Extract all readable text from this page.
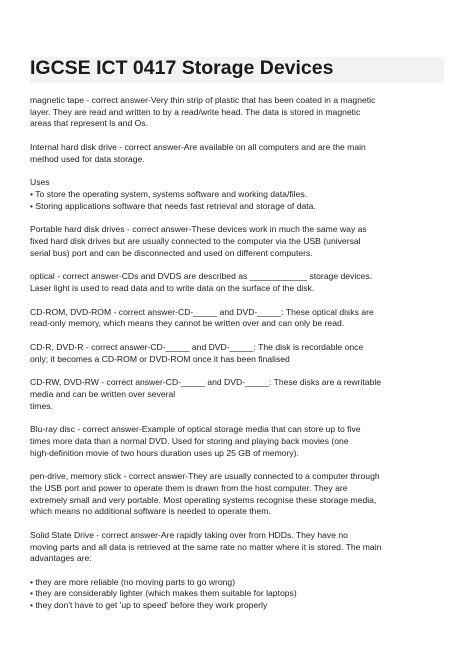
IGCSE ICT 0417 Storage Devices

magnetic tape - correct answer-Very thin strip of plastic that has been coated in a magnetic
layer. They are read and written to by a read/write head. The data is stored in magnetic
areas that represent ls and Os.

Internal hard disk drive - correct answer-Are available on all computers and are the main
method used for data storage.

Uses
• To store the operating system, systems software and working data/files.
• Storing applications software that needs fast retrieval and storage of data.

Portable hard disk drives - correct answer-These devices work in much the same way as
fixed hard disk drives but are usually connected to the computer via the USB (universal
serial bus) port and can be disconnected and used on different computers.

optical - correct answer-CDs and DVDS are described as ____________ storage devices.
Laser light is used to read data and to write data on the surface of the disk.

CD-ROM, DVD-ROM - correct answer-CD-_____ and DVD-_____: These optical disks are
read-only memory, which means they cannot be written over and can only be read.

CD-R, DVD-R - correct answer-CD-_____ and DVD-_____: The disk is recordable once
only; it becomes a CD-ROM or DVD-ROM once it has been finalised

CD-RW, DVD-RW - correct answer-CD-_____ and DVD-_____: These disks are a rewritable
media and can be written over several
times.

Blu-ray disc - correct answer-Example of optical storage media that can store up to five
times more data than a normal DVD. Used for storing and playing back movies (one
high-definition movie of two hours duration uses up 25 GB of memory).

pen-drive, memory stick - correct answer-They are usually connected to a computer through
the USB port and power to operate them is drawn from the host computer. They are
extremely small and very portable. Most operating systems recognise these storage media,
which means no additional software is needed to operate them.

Solid State Drive - correct answer-Are rapidly taking over from HDDs. They have no
moving parts and all data is retrieved at the same rate no matter where it is stored. The main
advantages are:

• they are more reliable (no moving parts to go wrong)
• they are considerably lighter (which makes them suitable for laptops)
• they don't have to get 'up to speed' before they work properly
